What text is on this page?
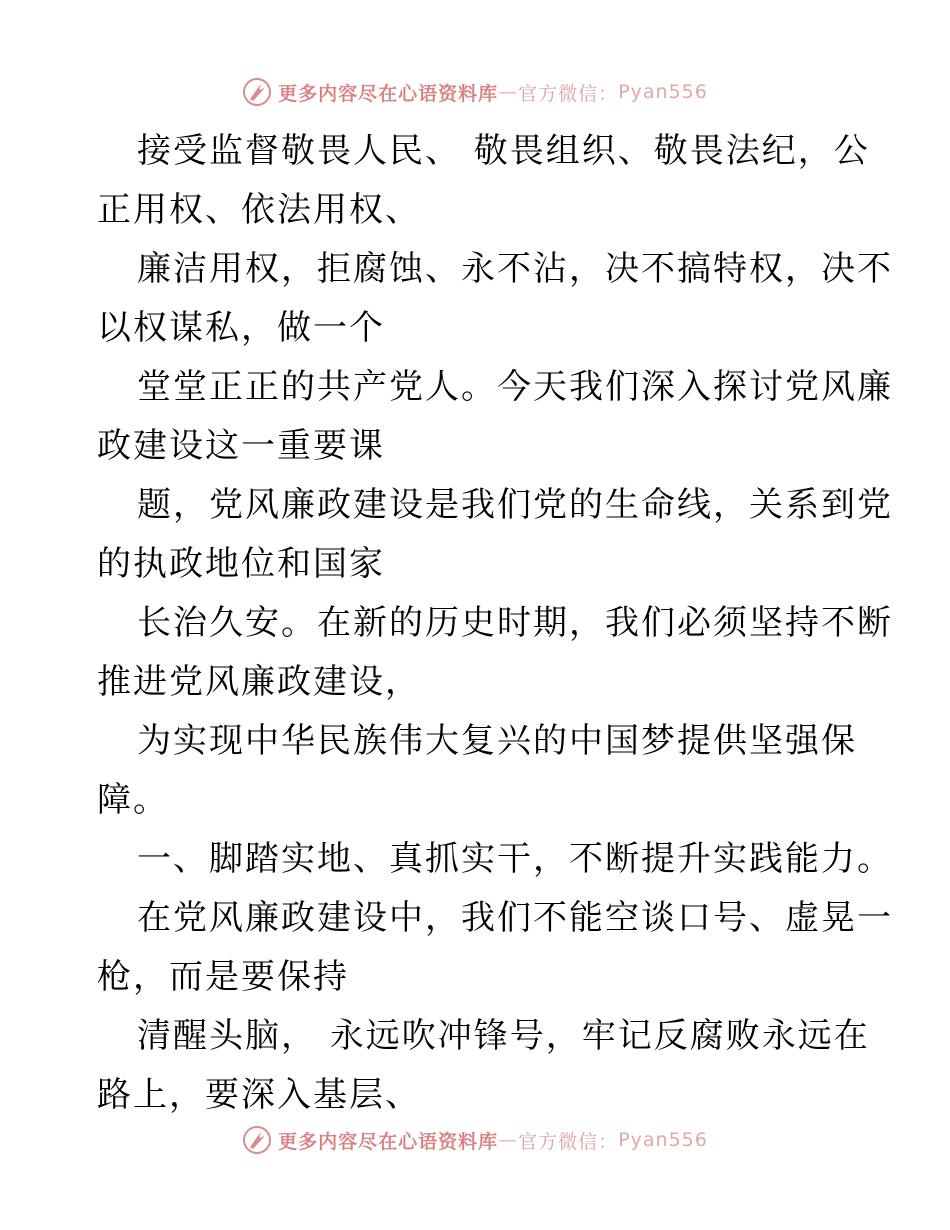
更多内容尽在心语资料库 — 官方微信： Pyan556
接受监督敬畏人民、 敬畏组织、敬畏法纪，公
正用权、依法用权、
廉洁用权，拒腐蚀、永不沾，决不搞特权，决不
以权谋私，做一个
堂堂正正的共产党人。今天我们深入探讨党风廉
政建设这一重要课
题，党风廉政建设是我们党的生命线，关系到党
的执政地位和国家
长治久安。在新的历史时期，我们必须坚持不断
推进党风廉政建设，
为实现中华民族伟大复兴的中国梦提供坚强保
障。
一、脚踏实地、真抓实干，不断提升实践能力。
在党风廉政建设中，我们不能空谈口号、虚晃一
枪，而是要保持
清醒头脑， 永远吹冲锋号，牢记反腐败永远在
路上，要深入基层、
更多内容尽在心语资料库 — 官方微信： Pyan556
